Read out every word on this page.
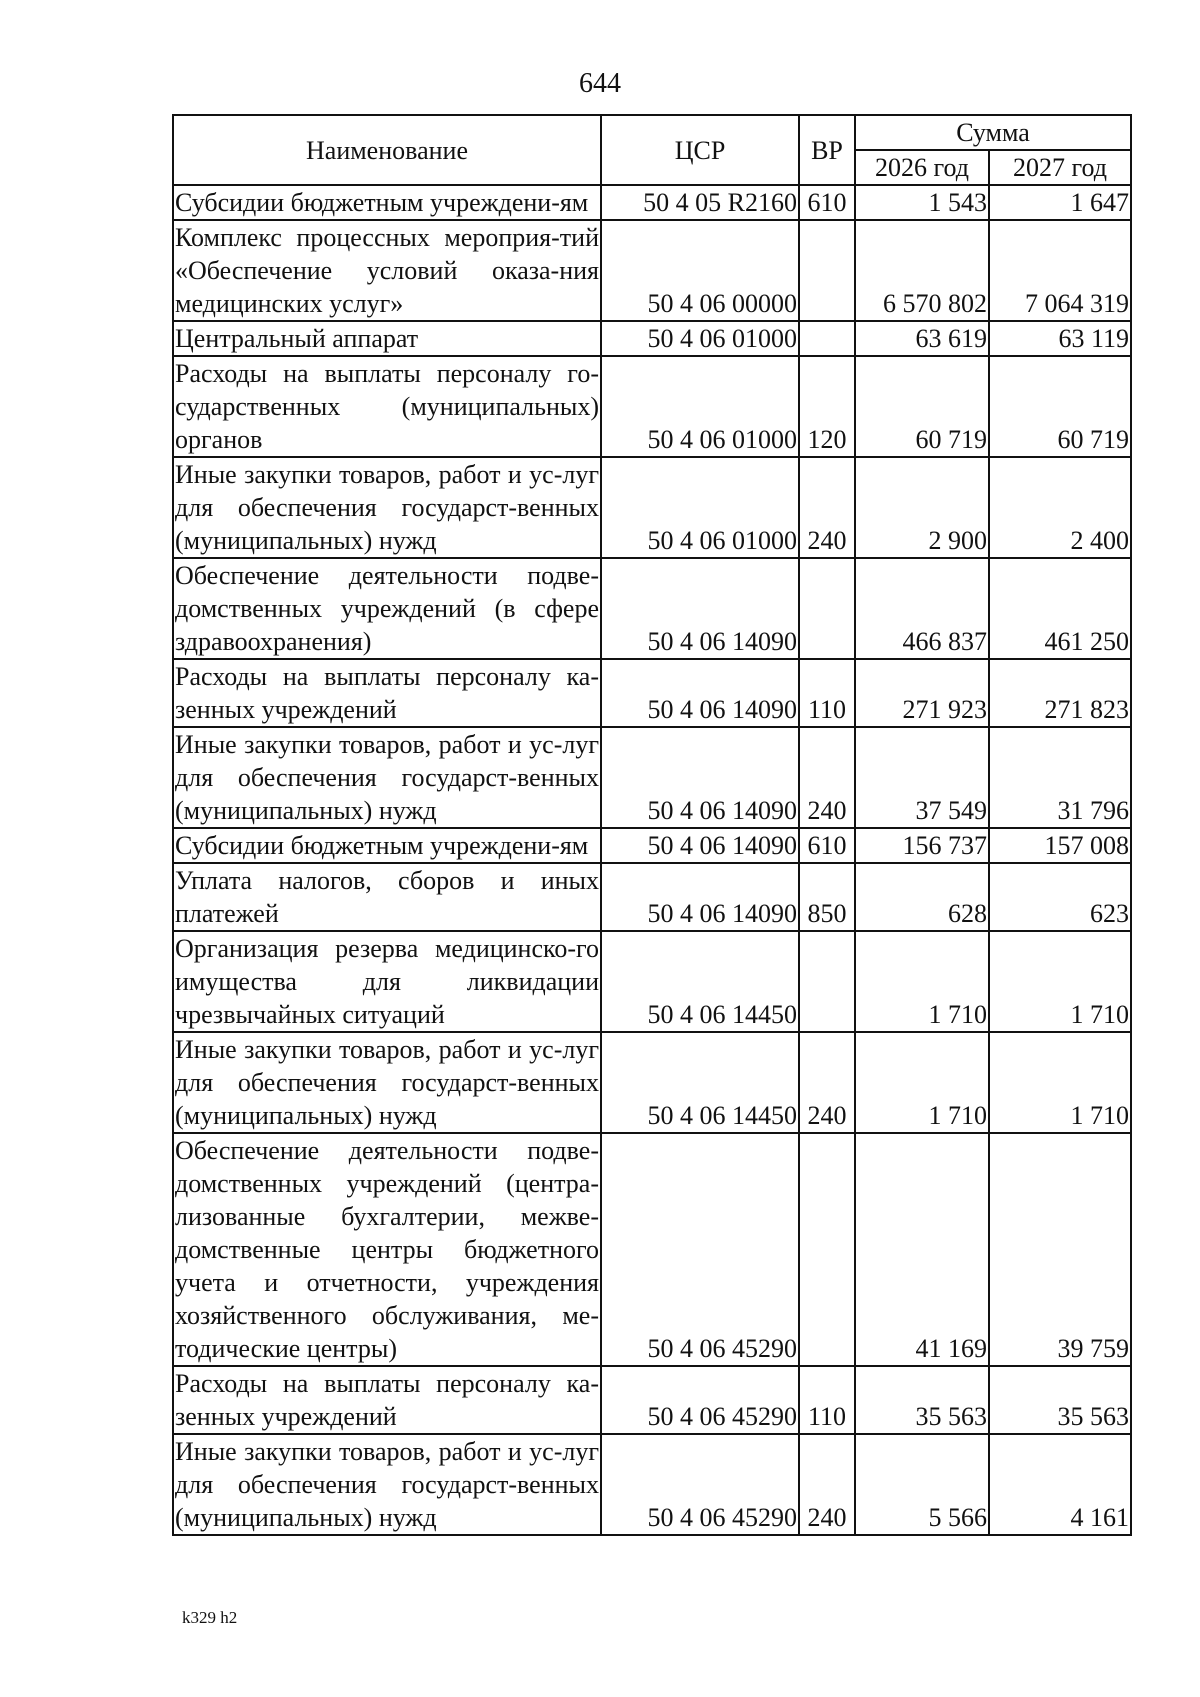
644
Наименование	ЦСР	ВР	Сумма	
			2026 год	2027 год
Субсидии бюджетным учреждени-ям	50 4 05 R2160	610	1 543	1 647
Комплекс процессных мероприя-тий «Обеспечение условий оказа-ния медицинских услуг»	50 4 06 00000		6 570 802	7 064 319
Центральный аппарат	50 4 06 01000		63 619	63 119
Расходы на выплаты персоналу го-сударственных (муниципальных) органов	50 4 06 01000	120	60 719	60 719
Иные закупки товаров, работ и ус-луг для обеспечения государст-венных (муниципальных) нужд	50 4 06 01000	240	2 900	2 400
Обеспечение деятельности подве-домственных учреждений (в сфере здравоохранения)	50 4 06 14090		466 837	461 250
Расходы на выплаты персоналу ка-зенных учреждений	50 4 06 14090	110	271 923	271 823
Иные закупки товаров, работ и ус-луг для обеспечения государст-венных (муниципальных) нужд	50 4 06 14090	240	37 549	31 796
Субсидии бюджетным учреждени-ям	50 4 06 14090	610	156 737	157 008
Уплата налогов, сборов и иных платежей	50 4 06 14090	850	628	623
Организация резерва медицинско-го имущества для ликвидации чрезвычайных ситуаций	50 4 06 14450		1 710	1 710
Иные закупки товаров, работ и ус-луг для обеспечения государст-венных (муниципальных) нужд	50 4 06 14450	240	1 710	1 710
Обеспечение деятельности подве-домственных учреждений (центра-лизованные бухгалтерии, межве-домственные центры бюджетного учета и отчетности, учреждения хозяйственного обслуживания, ме-тодические центры)	50 4 06 45290		41 169	39 759
Расходы на выплаты персоналу ка-зенных учреждений	50 4 06 45290	110	35 563	35 563
Иные закупки товаров, работ и ус-луг для обеспечения государст-венных (муниципальных) нужд	50 4 06 45290	240	5 566	4 161
k329 h2
